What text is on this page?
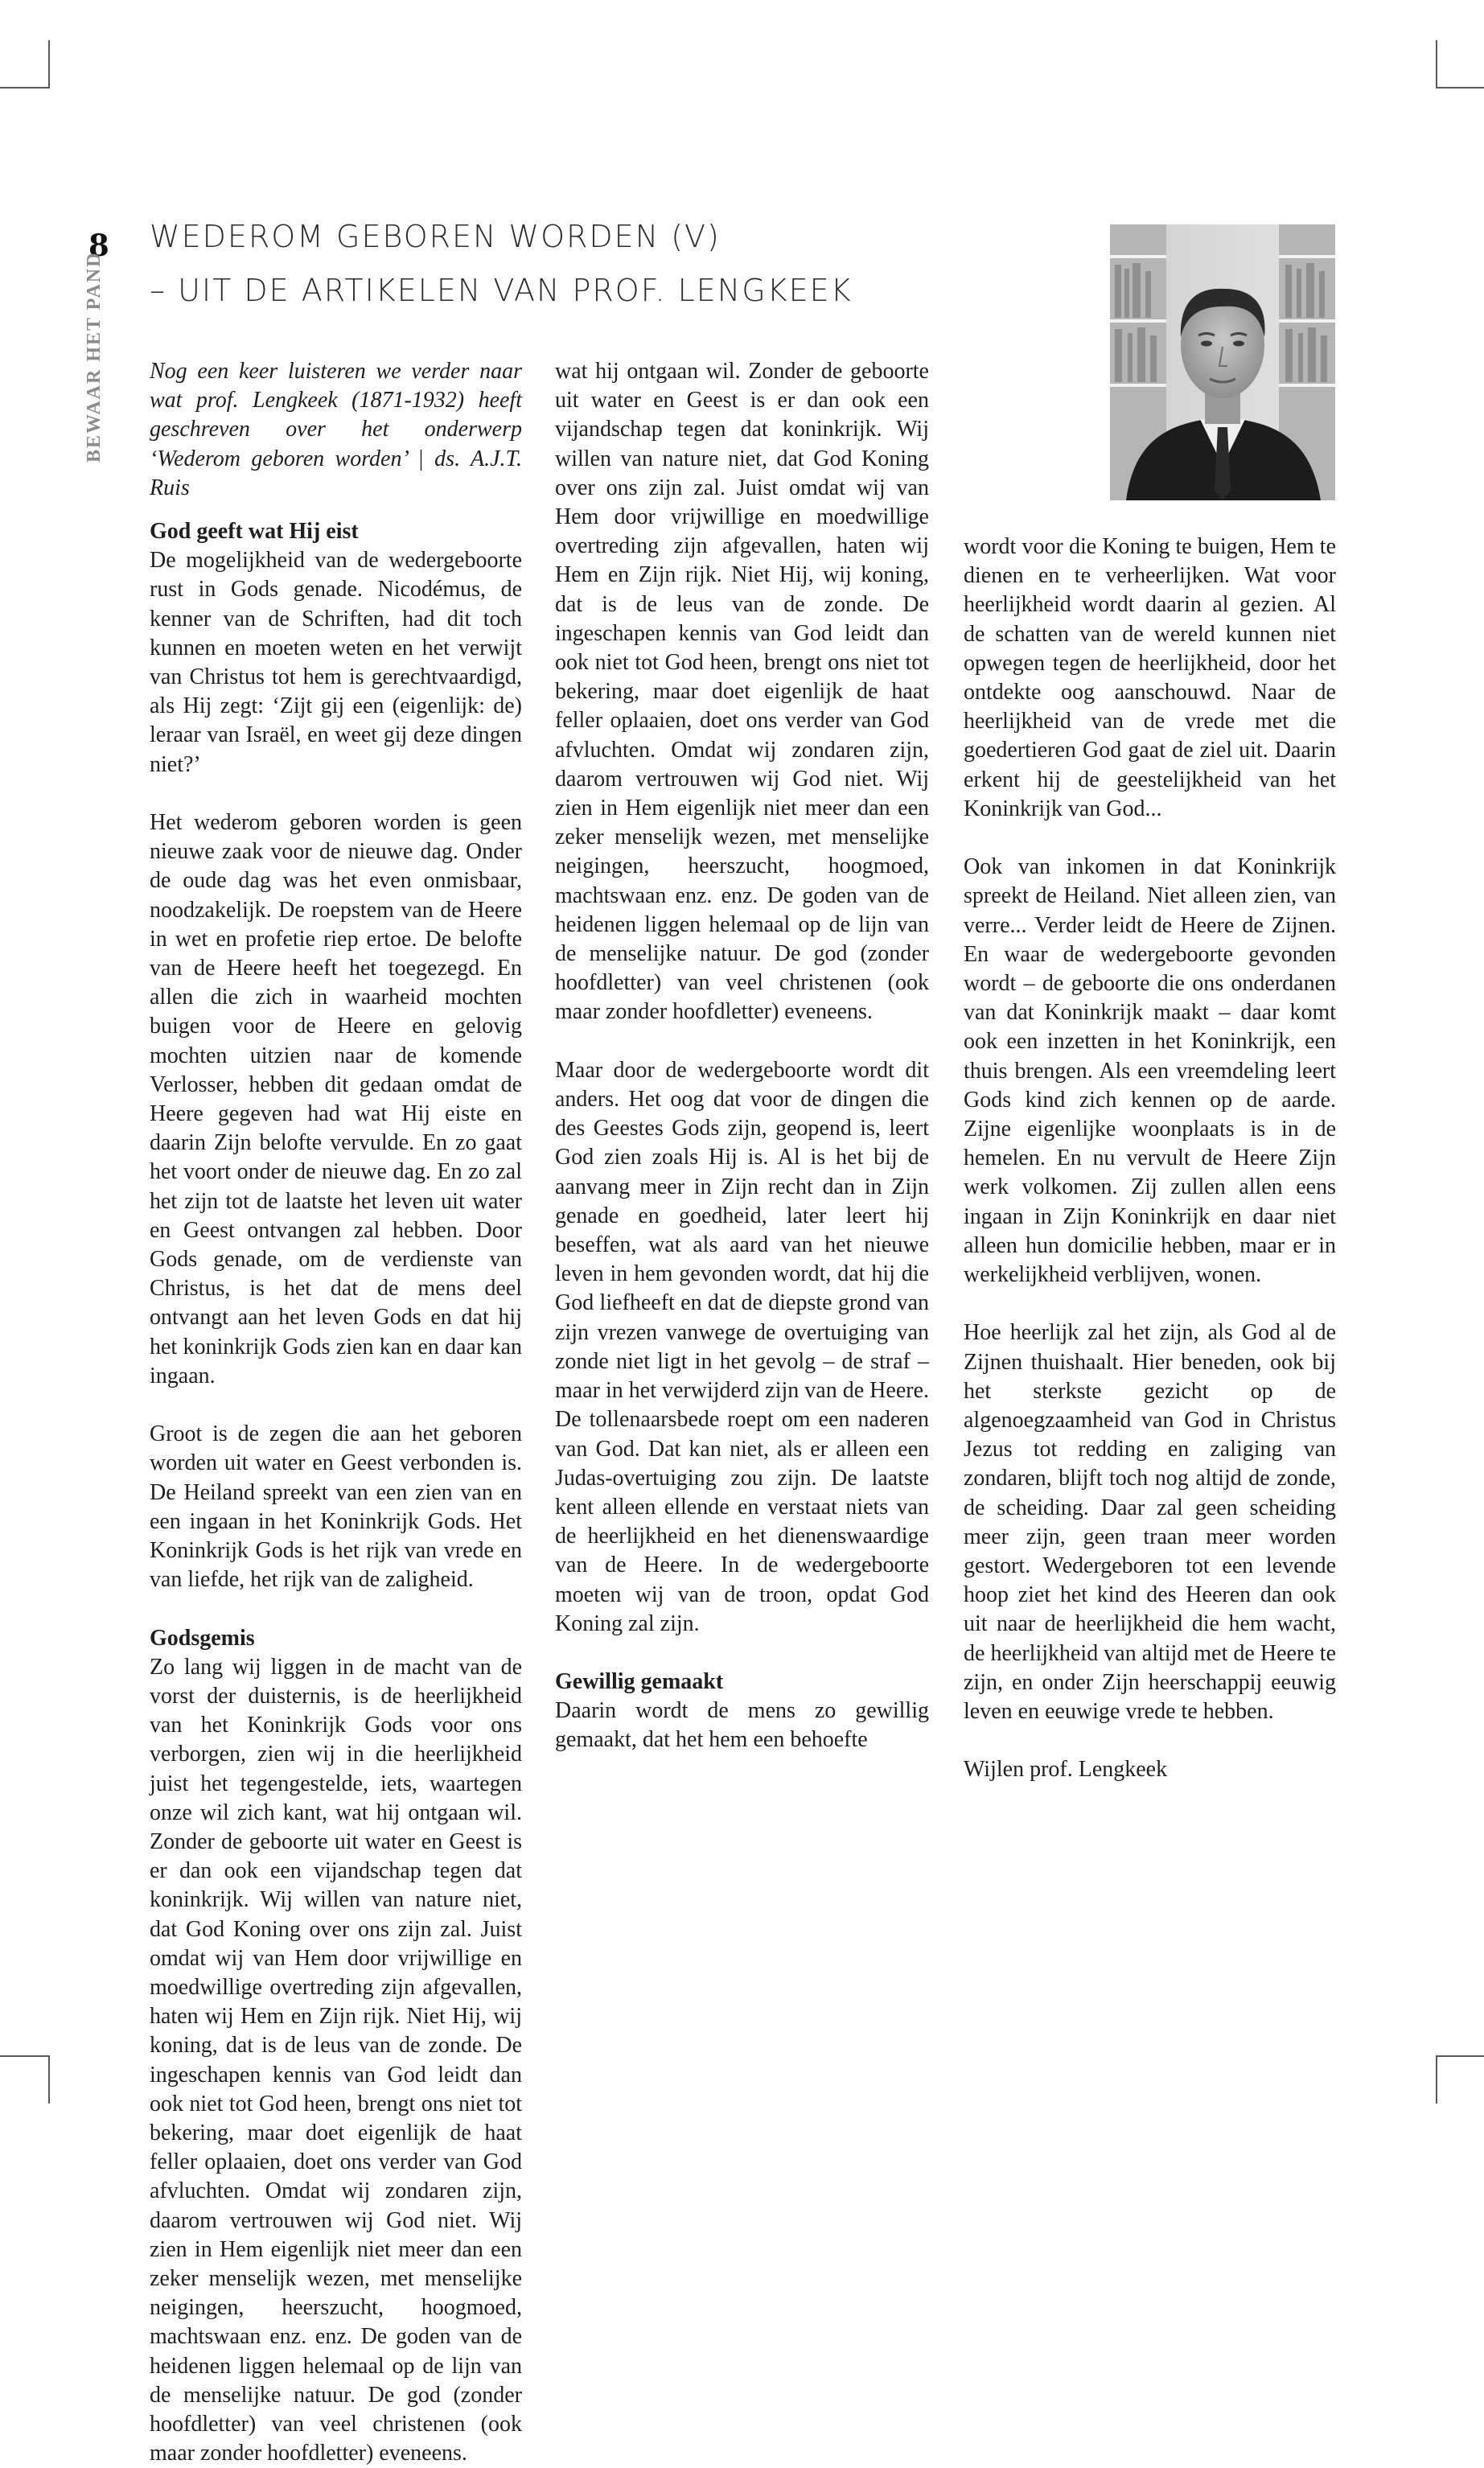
8
BEWAAR HET PAND
WEDEROM GEBOREN WORDEN (V)
– UIT DE ARTIKELEN VAN PROF. LENGKEEK

Nog een keer luisteren we verder naar wat prof. Lengkeek (1871-1932) heeft geschreven over het onderwerp ‘Wederom geboren worden’ | ds. A.J.T. Ruis

God geeft wat Hij eist

De mogelijkheid van de wedergeboorte rust in Gods genade. Nicodémus, de kenner van de Schriften, had dit toch kunnen en moeten weten en het verwijt van Christus tot hem is gerechtvaardigd, als Hij zegt: ‘Zijt gij een (eigenlijk: de) leraar van Israël, en weet gij deze dingen niet?’

Het wederom geboren worden is geen nieuwe zaak voor de nieuwe dag. Onder de oude dag was het even onmisbaar, noodzakelijk. De roepstem van de Heere in wet en profetie riep ertoe. De belofte van de Heere heeft het toegezegd. En allen die zich in waarheid mochten buigen voor de Heere en gelovig mochten uitzien naar de komende Verlosser, hebben dit gedaan omdat de Heere gegeven had wat Hij eiste en daarin Zijn belofte vervulde. En zo gaat het voort onder de nieuwe dag. En zo zal het zijn tot de laatste het leven uit water en Geest ontvangen zal hebben. Door Gods genade, om de verdienste van Christus, is het dat de mens deel ontvangt aan het leven Gods en dat hij het koninkrijk Gods zien kan en daar kan ingaan.

Groot is de zegen die aan het geboren worden uit water en Geest verbonden is. De Heiland spreekt van een zien van en een ingaan in het Koninkrijk Gods. Het Koninkrijk Gods is het rijk van vrede en van liefde, het rijk van de zaligheid.

Godsgemis

Zo lang wij liggen in de macht van de vorst der duisternis, is de heerlijkheid van het Koninkrijk Gods voor ons verborgen, zien wij in die heerlijkheid juist het tegengestelde, iets, waartegen onze wil zich kant, wat hij ontgaan wil. Zonder de geboorte uit water en Geest is er dan ook een vijandschap tegen dat koninkrijk. Wij willen van nature niet, dat God Koning over ons zijn zal. Juist omdat wij van Hem door vrijwillige en moedwillige overtreding zijn afgevallen, haten wij Hem en Zijn rijk. Niet Hij, wij koning, dat is de leus van de zonde. De ingeschapen kennis van God leidt dan ook niet tot God heen, brengt ons niet tot bekering, maar doet eigenlijk de haat feller oplaaien, doet ons verder van God afvluchten. Omdat wij zondaren zijn, daarom vertrouwen wij God niet. Wij zien in Hem eigenlijk niet meer dan een zeker menselijk wezen, met menselijke neigingen, heerszucht, hoogmoed, machtswaan enz. enz. De goden van de heidenen liggen helemaal op de lijn van de menselijke natuur. De god (zonder hoofdletter) van veel christenen (ook maar zonder hoofdletter) eveneens.

wat hij ontgaan wil. Zonder de geboorte uit water en Geest is er dan ook een vijandschap tegen dat koninkrijk. Wij willen van nature niet, dat God Koning over ons zijn zal. Juist omdat wij van Hem door vrijwillige en moedwillige overtreding zijn afgevallen, haten wij Hem en Zijn rijk. Niet Hij, wij koning, dat is de leus van de zonde. De ingeschapen kennis van God leidt dan ook niet tot God heen, brengt ons niet tot bekering, maar doet eigenlijk de haat feller oplaaien, doet ons verder van God afvluchten. Omdat wij zondaren zijn, daarom vertrouwen wij God niet. Wij zien in Hem eigenlijk niet meer dan een zeker menselijk wezen, met menselijke neigingen, heerszucht, hoogmoed, machtswaan enz. enz. De goden van de heidenen liggen helemaal op de lijn van de menselijke natuur. De god (zonder hoofdletter) van veel christenen (ook maar zonder hoofdletter) eveneens.

Maar door de wedergeboorte wordt dit anders. Het oog dat voor de dingen die des Geestes Gods zijn, geopend is, leert God zien zoals Hij is. Al is het bij de aanvang meer in Zijn recht dan in Zijn genade en goedheid, later leert hij beseffen, wat als aard van het nieuwe leven in hem gevonden wordt, dat hij die God liefheeft en dat de diepste grond van zijn vrezen vanwege de overtuiging van zonde niet ligt in het gevolg – de straf – maar in het verwijderd zijn van de Heere. De tollenaarsbede roept om een naderen van God. Dat kan niet, als er alleen een Judas-overtuiging zou zijn. De laatste kent alleen ellende en verstaat niets van de heerlijkheid en het dienenswaardige van de Heere. In de wedergeboorte moeten wij van de troon, opdat God Koning zal zijn.

Gewillig gemaakt

Daarin wordt de mens zo gewillig gemaakt, dat het hem een behoefte

wordt voor die Koning te buigen, Hem te dienen en te verheerlijken. Wat voor heerlijkheid wordt daarin al gezien. Al de schatten van de wereld kunnen niet opwegen tegen de heerlijkheid, door het ontdekte oog aanschouwd. Naar de heerlijkheid van de vrede met die goedertieren God gaat de ziel uit. Daarin erkent hij de geestelijkheid van het Koninkrijk van God...

Ook van inkomen in dat Koninkrijk spreekt de Heiland. Niet alleen zien, van verre... Verder leidt de Heere de Zijnen. En waar de wedergeboorte gevonden wordt – de geboorte die ons onderdanen van dat Koninkrijk maakt – daar komt ook een inzetten in het Koninkrijk, een thuis brengen. Als een vreemdeling leert Gods kind zich kennen op de aarde. Zijne eigenlijke woonplaats is in de hemelen. En nu vervult de Heere Zijn werk volkomen. Zij zullen allen eens ingaan in Zijn Koninkrijk en daar niet alleen hun domicilie hebben, maar er in werkelijkheid verblijven, wonen.

Hoe heerlijk zal het zijn, als God al de Zijnen thuishaalt. Hier beneden, ook bij het sterkste gezicht op de algenoegzaamheid van God in Christus Jezus tot redding en zaliging van zondaren, blijft toch nog altijd de zonde, de scheiding. Daar zal geen scheiding meer zijn, geen traan meer worden gestort. Wedergeboren tot een levende hoop ziet het kind des Heeren dan ook uit naar de heerlijkheid die hem wacht, de heerlijkheid van altijd met de Heere te zijn, en onder Zijn heerschappij eeuwig leven en eeuwige vrede te hebben.

Wijlen prof. Lengkeek
